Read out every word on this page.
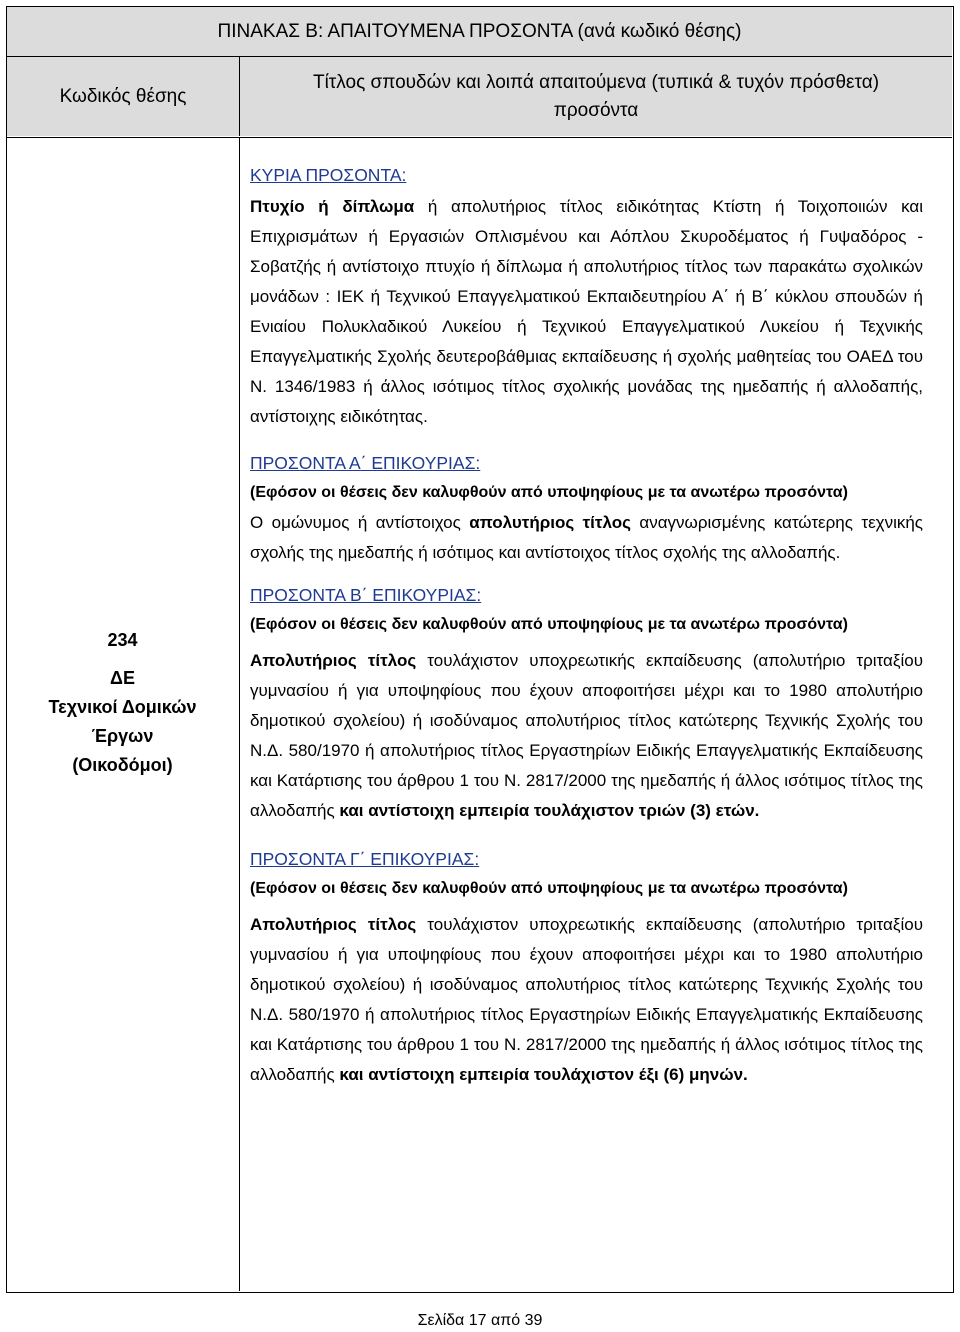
ΠΙΝΑΚΑΣ Β: ΑΠΑΙΤΟΥΜΕΝΑ ΠΡΟΣΟΝΤΑ (ανά κωδικό θέσης)
Κωδικός θέσης
Τίτλος σπουδών και λοιπά απαιτούμενα (τυπικά & τυχόν πρόσθετα) προσόντα
234
ΔΕ
Τεχνικοί Δομικών
Έργων
(Οικοδόμοι)
ΚΥΡΙΑ ΠΡΟΣΟΝΤΑ:
Πτυχίο ή δίπλωμα ή απολυτήριος τίτλος ειδικότητας Κτίστη ή Τοιχοποιιών και Επιχρισμάτων ή Εργασιών Οπλισμένου και Αόπλου Σκυροδέματος ή Γυψαδόρος - Σοβατζής ή αντίστοιχο πτυχίο ή δίπλωμα ή απολυτήριος τίτλος των παρακάτω σχολικών μονάδων : ΙΕΚ ή Τεχνικού Επαγγελματικού Εκπαιδευτηρίου Α΄ ή Β΄ κύκλου σπουδών ή Ενιαίου Πολυκλαδικού Λυκείου ή Τεχνικού Επαγγελματικού Λυκείου ή Τεχνικής Επαγγελματικής Σχολής δευτεροβάθμιας εκπαίδευσης ή σχολής μαθητείας του ΟΑΕΔ του Ν. 1346/1983 ή άλλος ισότιμος τίτλος σχολικής μονάδας της ημεδαπής ή αλλοδαπής, αντίστοιχης ειδικότητας.
ΠΡΟΣΟΝΤΑ Α΄ ΕΠΙΚΟΥΡΙΑΣ:
(Εφόσον οι θέσεις δεν καλυφθούν από υποψηφίους με τα ανωτέρω προσόντα)
Ο ομώνυμος ή αντίστοιχος απολυτήριος τίτλος αναγνωρισμένης κατώτερης τεχνικής σχολής της ημεδαπής ή ισότιμος και αντίστοιχος τίτλος σχολής της αλλοδαπής.
ΠΡΟΣΟΝΤΑ Β΄ ΕΠΙΚΟΥΡΙΑΣ:
(Εφόσον οι θέσεις δεν καλυφθούν από υποψηφίους με τα ανωτέρω προσόντα)
Απολυτήριος τίτλος τουλάχιστον υποχρεωτικής εκπαίδευσης (απολυτήριο τριταξίου γυμνασίου ή για υποψηφίους που έχουν αποφοιτήσει μέχρι και το 1980 απολυτήριο δημοτικού σχολείου) ή ισοδύναμος απολυτήριος τίτλος κατώτερης Τεχνικής Σχολής του Ν.Δ. 580/1970 ή απολυτήριος τίτλος Εργαστηρίων Ειδικής Επαγγελματικής Εκπαίδευσης και Κατάρτισης του άρθρου 1 του Ν. 2817/2000 της ημεδαπής ή άλλος ισότιμος τίτλος της αλλοδαπής και αντίστοιχη εμπειρία τουλάχιστον τριών (3) ετών.
ΠΡΟΣΟΝΤΑ Γ΄ ΕΠΙΚΟΥΡΙΑΣ:
(Εφόσον οι θέσεις δεν καλυφθούν από υποψηφίους με τα ανωτέρω προσόντα)
Απολυτήριος τίτλος τουλάχιστον υποχρεωτικής εκπαίδευσης (απολυτήριο τριταξίου γυμνασίου ή για υποψηφίους που έχουν αποφοιτήσει μέχρι και το 1980 απολυτήριο δημοτικού σχολείου) ή ισοδύναμος απολυτήριος τίτλος κατώτερης Τεχνικής Σχολής του Ν.Δ. 580/1970 ή απολυτήριος τίτλος Εργαστηρίων Ειδικής Επαγγελματικής Εκπαίδευσης και Κατάρτισης του άρθρου 1 του Ν. 2817/2000 της ημεδαπής ή άλλος ισότιμος τίτλος της αλλοδαπής και αντίστοιχη εμπειρία τουλάχιστον έξι (6) μηνών.
Σελίδα 17 από 39
